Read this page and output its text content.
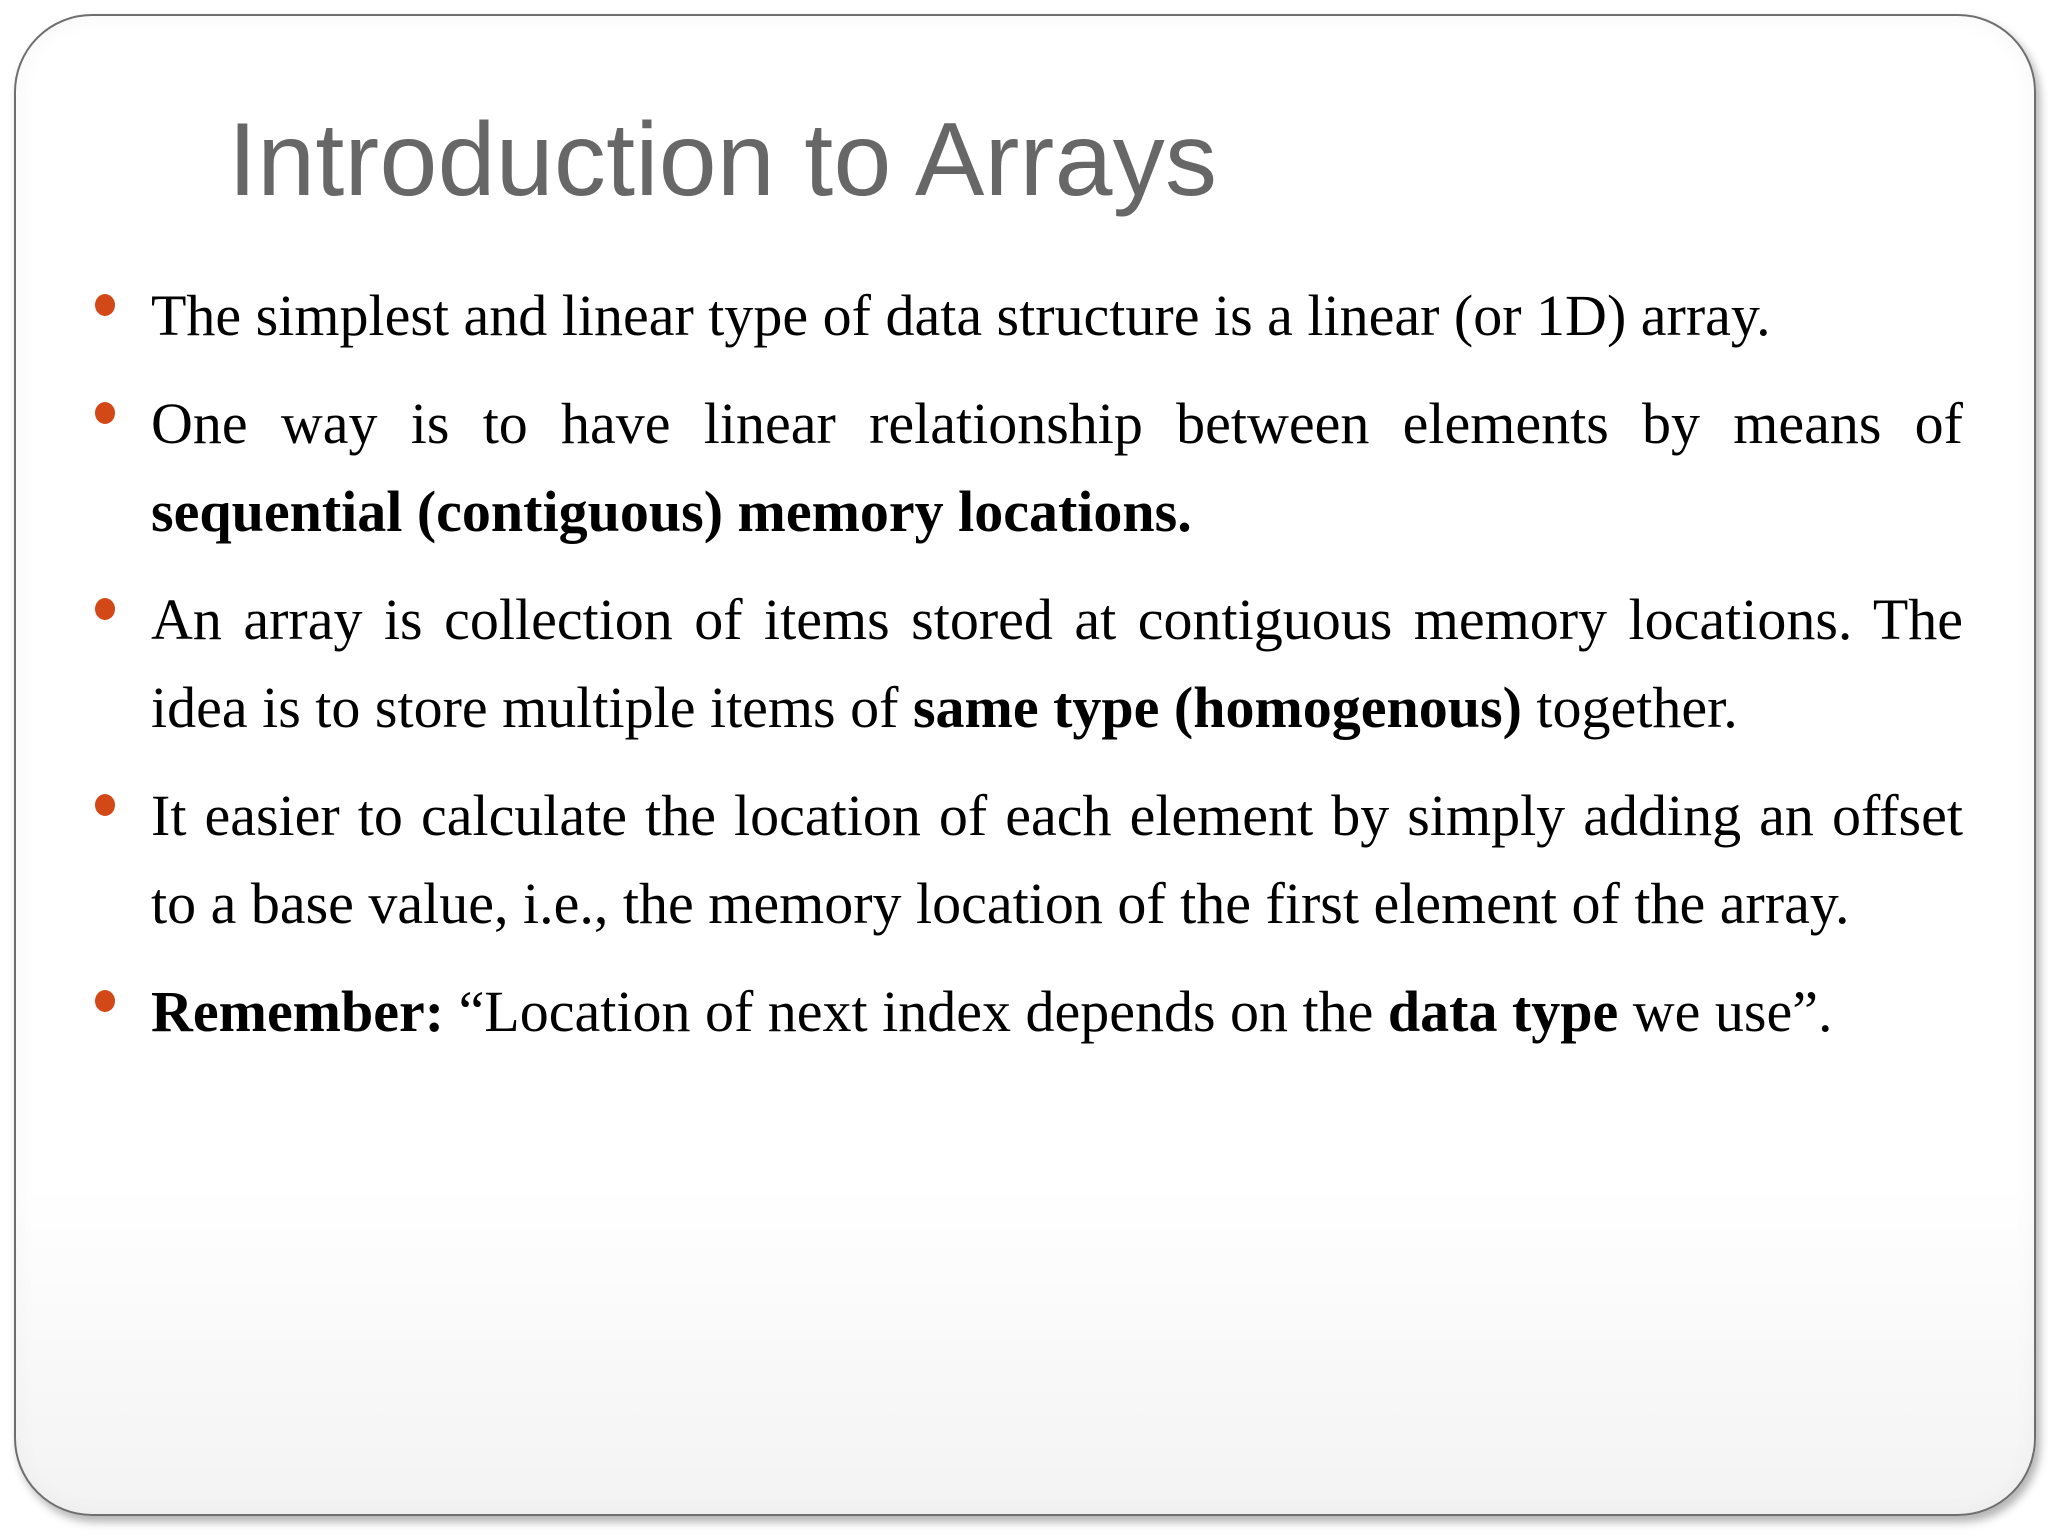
Introduction to Arrays
The simplest and linear type of data structure is a linear (or 1D) array.
One way is to have linear relationship between elements by means of sequential (contiguous) memory locations.
An array is collection of items stored at contiguous memory locations. The idea is to store multiple items of same type (homogenous) together.
It easier to calculate the location of each element by simply adding an offset to a base value, i.e., the memory location of the first element of the array.
Remember: “Location of next index depends on the data type we use”.
